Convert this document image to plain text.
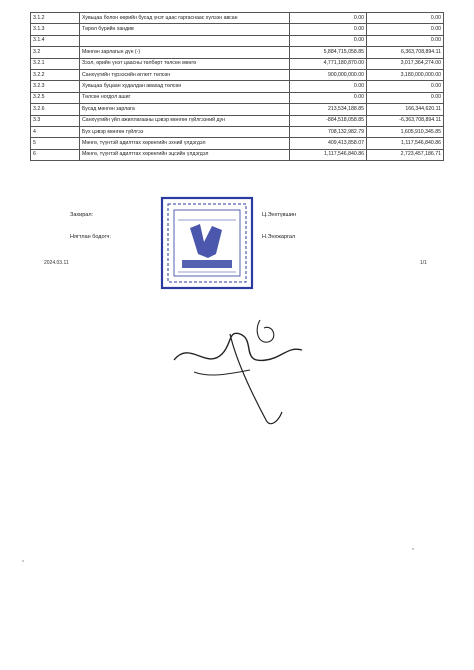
3.1.2	Хувьцаа болон өөрийн бусад үнэт цаас гаргаснаас хүлээн авсан	0.00	0.00
3.1.3	Төрөл бүрийн хандив	0.00	0.00
3.1.4		0.00	0.00
3.2	Мөнгөн зарлагын дүн (-)	5,884,715,058.85	6,363,708,894.11
3.2.1	Зээл, өрийн үнэт цаасны төлбөрт төлсөн мөнгө	4,771,180,870.00	3,017,364,274.00
3.2.2	Санхүүгийн түрээсийн өглөгт төлсөн	900,000,000.00	3,180,000,000.00
3.2.3	Хувьцаа буцаан худалдан авахад төлсөн	0.00	0.00
3.2.5	Төлсөн ногдол ашиг	0.00	0.00
3.2.6	Бусад мөнгөн зарлага	213,534,188.85	166,344,620.11
3.3	Санхүүгийн үйл ажиллагааны цэвэр мөнгөн гүйлгээний дүн	-884,518,058.85	-6,363,708,894.11
4	Бүх цэвэр мөнгөн гүйлгээ	708,132,982.79	1,605,910,345.85
5	Мөнгө, түүнтэй адилтгах хөрөнгийн эхний үлдэгдэл	409,413,858.07	1,117,546,840.86
6	Мөнгө, түүнтэй адилтгах хөрөнгийн эцсийн үлдэгдэл	1,117,546,840.86	2,723,457,186.71
Захирал:	Ц.Энхтүвшин
Нягтлан бодогч:	Н.Энхжаргал
2024.03.11	1/1
